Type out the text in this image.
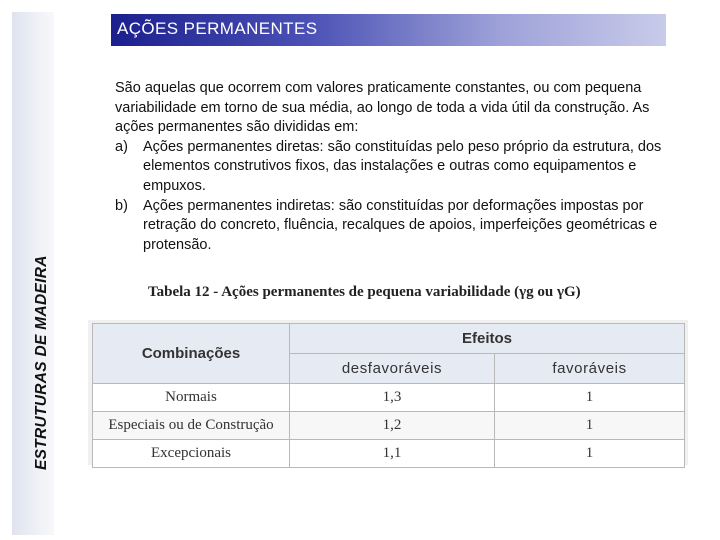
ESTRUTURAS DE MADEIRA
AÇÕES PERMANENTES

São aquelas que ocorrem com valores praticamente constantes, ou com pequena variabilidade em torno de sua média, ao longo de toda a vida útil da construção. As ações permanentes são divididas em:

a) Ações permanentes diretas: são constituídas pelo peso próprio da estrutura, dos elementos construtivos fixos, das instalações e outras como equipamentos e empuxos.
b) Ações permanentes indiretas: são constituídas por deformações impostas por retração do concreto, fluência, recalques de apoios, imperfeições geométricas e protensão.
Tabela 12 - Ações permanentes de pequena variabilidade (γg ou γG)
Combinações	Efeitos	
	desfavoráveis	favoráveis
Normais	1,3	1
Especiais ou de Construção	1,2	1
Excepcionais	1,1	1
